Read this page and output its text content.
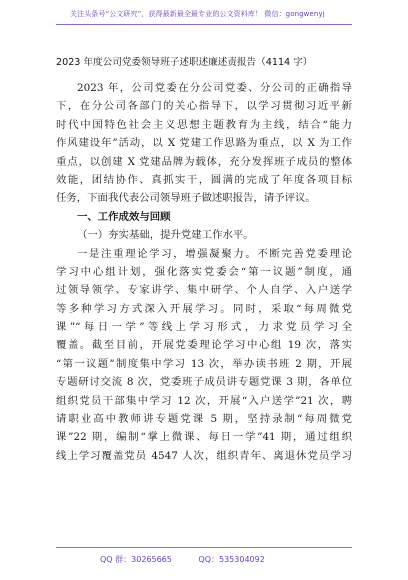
关注头条号“公文研究”，获得最新最全最专业的公文资料库！ 微信：gongwenyj
2023 年度公司党委领导班子述职述廉述责报告（4114 字）
2023 年，公司党委在分公司党委、分公司的正确指导
下，在分公司各部门的关心指导下，以学习贯彻习近平新
时代中国特色社会主义思想主题教育为主线，结合“能力
作风建设年”活动，以 X 党建工作思路为重点，以 X 为工作
重点，以创建 X 党建品牌为载体，充分发挥班子成员的整体
效能，团结协作、真抓实干，圆满的完成了年度各项目标
任务，下面我代表公司领导班子做述职报告，请予评议。
一、工作成效与回顾
（一）夯实基础，提升党建工作水平。
一是注重理论学习，增强凝聚力。不断完善党委理论
学习中心组计划，强化落实党委会“第一议题”制度，通
过领导领学、专家讲学、集中研学、个人自学、入户送学
等多种学习方式深入开展学习。同时，采取“每周微党
课”“每日一学”等线上学习形式，力求党员学习全
覆盖。截至目前，开展党委理论学习中心组 19 次，落实
“第一议题”制度集中学习 13 次，举办读书班 2 期，开展
专题研讨交流 8 次，党委班子成员讲专题党课 3 期，各单位
组织党员干部集中学习 12 次，开展“入户送学”21 次，聘
请职业高中教师讲专题党课 5 期，坚持录制“每周微党
课”22 期，编制“掌上微课、每日一学”41 期，通过组织
线上学习覆盖党员 4547 人次，组织青年、离退休党员学习
QQ 群：30265665	QQ：535304092
